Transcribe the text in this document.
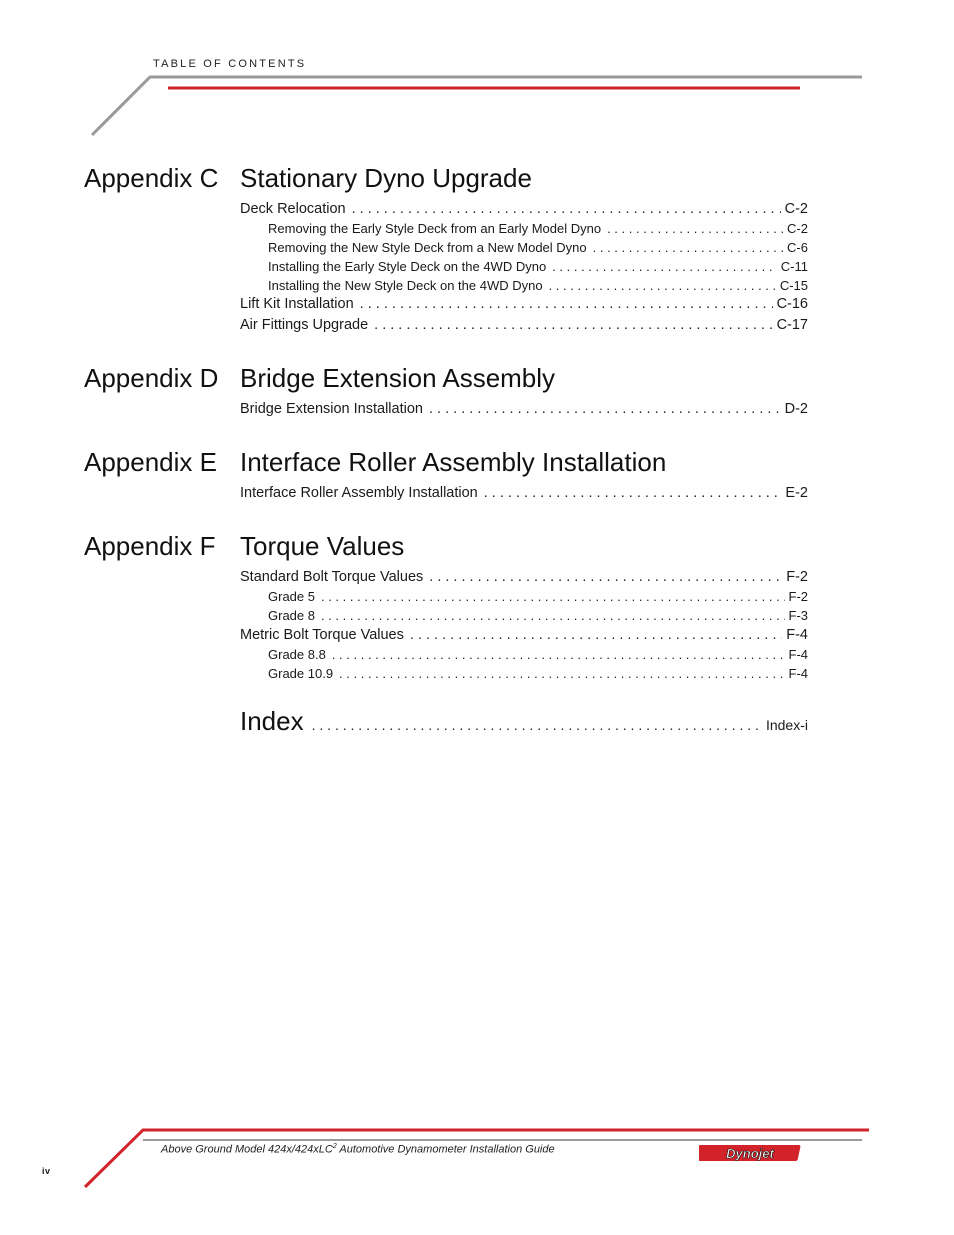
TABLE OF CONTENTS
Appendix C Stationary Dyno Upgrade
Deck Relocation . . .	C-2
Removing the Early Style Deck from an Early Model Dyno . . .	C-2
Removing the New Style Deck from a New Model Dyno . . .	C-6
Installing the Early Style Deck on the 4WD Dyno . . .	C-11
Installing the New Style Deck on the 4WD Dyno . . .	C-15
Lift Kit Installation . . .	C-16
Air Fittings Upgrade . . .	C-17
Appendix D Bridge Extension Assembly
Bridge Extension Installation . . .	D-2
Appendix E Interface Roller Assembly Installation
Interface Roller Assembly Installation . . .	E-2
Appendix F Torque Values
Standard Bolt Torque Values . . .	F-2
Grade 5 . . .	F-2
Grade 8 . . .	F-3
Metric Bolt Torque Values . . .	F-4
Grade 8.8 . . .	F-4
Grade 10.9 . . .	F-4
Index . . .	Index-i
Above Ground Model 424x/424xLC$^2$ Automotive Dynamometer Installation Guide	Dynojet
iv
